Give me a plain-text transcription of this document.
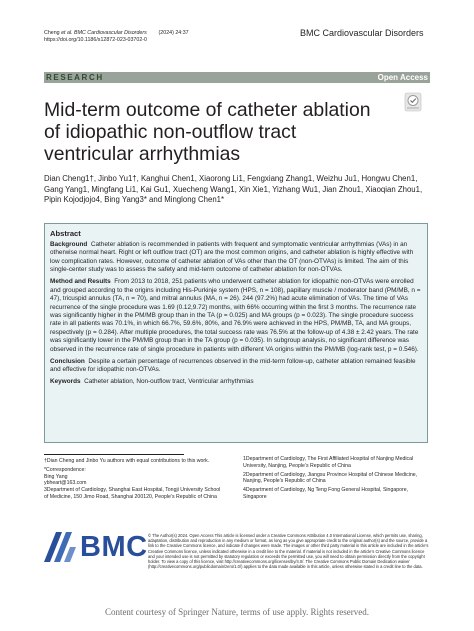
Cheng et al. BMC Cardiovascular Disorders (2024) 24:37
https://doi.org/10.1186/s12872-023-03702-0
BMC Cardiovascular Disorders
RESEARCH	Open Access
Mid-term outcome of catheter ablation of idiopathic non-outflow tract ventricular arrhythmias
Dian Cheng1†, Jinbo Yu1†, Kanghui Chen1, Xiaorong Li1, Fengxiang Zhang1, Weizhu Ju1, Hongwu Chen1, Gang Yang1, Mingfang Li1, Kai Gu1, Xuecheng Wang1, Xin Xie1, Yizhang Wu1, Jian Zhou1, Xiaoqian Zhou1, Pipin Kojodjojo4, Bing Yang3* and Minglong Chen1*
Abstract

Background Catheter ablation is recommended in patients with frequent and symptomatic ventricular arrhythmias (VAs) in an otherwise normal heart. Right or left outflow tract (OT) are the most common origins, and catheter ablation is highly effective with low complication rates. However, outcome of catheter ablation of VAs other than the OT (non-OTVAs) is limited. The aim of this single-center study was to assess the safety and mid-term outcome of catheter ablation for non-OTVAs.

Method and Results From 2013 to 2018, 251 patients who underwent catheter ablation for idiopathic non-OTVAs were enrolled and grouped according to the origins including His-Purkinje system (HPS, n = 108), papillary muscle / moderator band (PM/MB, n = 47), tricuspid annulus (TA, n = 70), and mitral annulus (MA, n = 26). 244 (97.2%) had acute elimination of VAs. The time of VAs recurrence of the single procedure was 1.69 (0.12,9.72) months, with 66% occurring within the first 3 months. The recurrence rate was significantly higher in the PM/MB group than in the TA (p = 0.025) and MA groups (p = 0.023). The single procedure success rate in all patients was 70.1%, in which 66.7%, 59.6%, 80%, and 76.9% were achieved in the HPS, PM/MB, TA, and MA groups, respectively (p = 0.284). After multiple procedures, the total success rate was 76.5% at the follow-up of 4.38 ± 2.42 years. The rate was significantly lower in the PM/MB group than in the TA group (p = 0.035). In subgroup analysis, no significant difference was observed in the recurrence rate of single procedure in patients with different VA origins within the PM/MB (log-rank test, p = 0.546).

Conclusion Despite a certain percentage of recurrences observed in the mid-term follow-up, catheter ablation remained feasible and effective for idiopathic non-OTVAs.

Keywords Catheter ablation, Non-outflow tract, Ventricular arrhythmias

†Dian Cheng and Jinbo Yu authors with equal contributions to this work.

*Correspondence:
Bing Yang
ybheart@163.com
3Department of Cardiology, Shanghai East Hospital, Tongji University School of Medicine, 150 Jimo Road, Shanghai 200120, People’s Republic of China

1Department of Cardiology, The First Affiliated Hospital of Nanjing Medical University, Nanjing, People’s Republic of China

2Department of Cardiology, Jiangsu Province Hospital of Chinese Medicine, Nanjing, People’s Republic of China

4Department of Cardiology, Ng Teng Fong General Hospital, Singapore, Singapore

BMC © The Author(s) 2024. Open Access This article is licensed under a Creative Commons Attribution 4.0 International License, which permits use, sharing, adaptation, distribution and reproduction in any medium or format, as long as you give appropriate credit to the original author(s) and the source, provide a link to the Creative Commons licence, and indicate if changes were made. The images or other third party material in this article are included in the article’s Creative Commons licence, unless indicated otherwise in a credit line to the material. If material is not included in the article’s Creative Commons licence and your intended use is not permitted by statutory regulation or exceeds the permitted use, you will need to obtain permission directly from the copyright holder. To view a copy of this licence, visit http://creativecommons.org/licenses/by/4.0/. The Creative Commons Public Domain Dedication waiver (http://creativecommons.org/publicdomain/zero/1.0/) applies to the data made available in this article, unless otherwise stated in a credit line to the data.
Content courtesy of Springer Nature, terms of use apply. Rights reserved.
